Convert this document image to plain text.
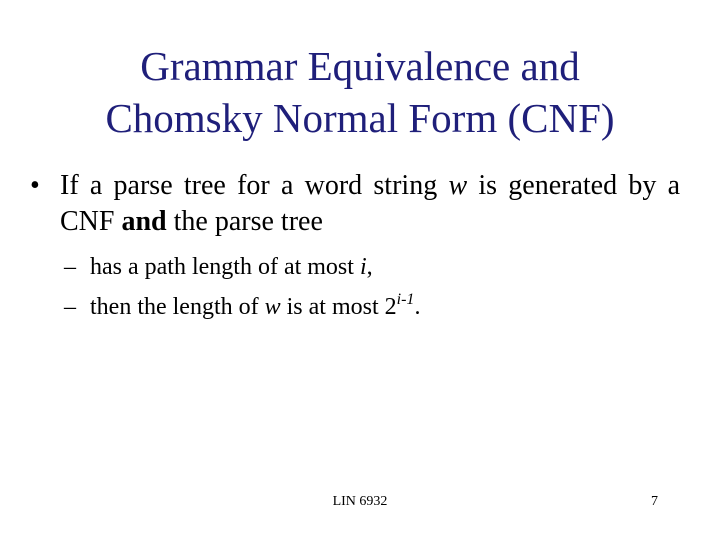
Grammar Equivalence and
Chomsky Normal Form (CNF)
• If a parse tree for a word string w is generated by a CNF and the parse tree
– has a path length of at most i,
– then the length of w is at most 2$^{i-1}$.
LIN 6932	7
